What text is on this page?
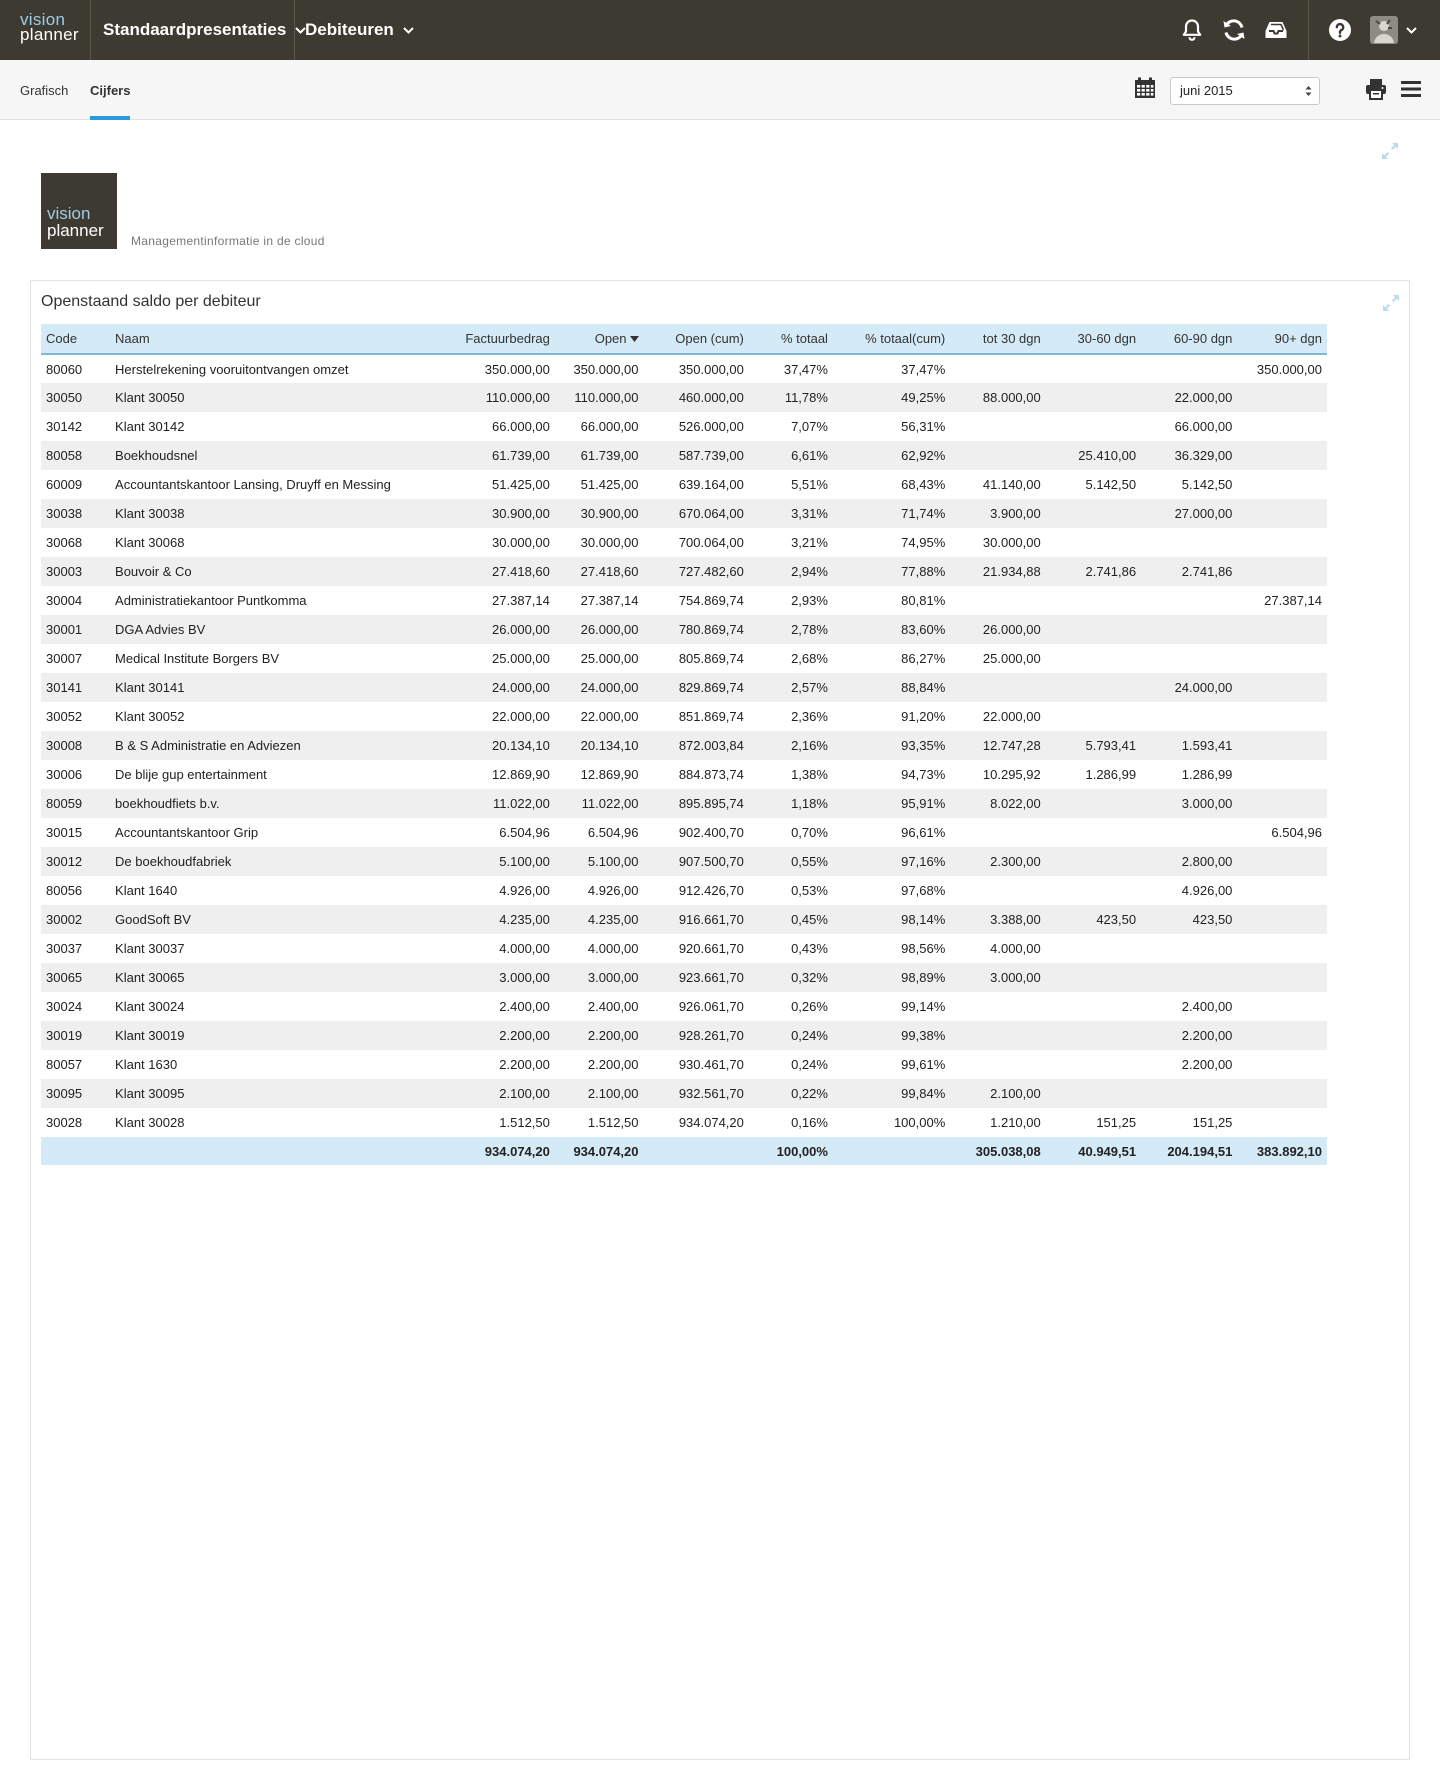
vision
planner	Standaardpresentaties Debiteuren
Grafisch Cijfers	juni 2015
vision
planner
Managementinformatie in de cloud
Openstaand saldo per debiteur
Code	Naam	Factuurbedrag	Open	Open (cum)	% totaal	% totaal(cum)	tot 30 dgn	30-60 dgn	60-90 dgn	90+ dgn
80060	Herstelrekening vooruitontvangen omzet	350.000,00	350.000,00	350.000,00	37,47%	37,47%				350.000,00
30050	Klant 30050	110.000,00	110.000,00	460.000,00	11,78%	49,25%	88.000,00		22.000,00	
30142	Klant 30142	66.000,00	66.000,00	526.000,00	7,07%	56,31%			66.000,00	
80058	Boekhoudsnel	61.739,00	61.739,00	587.739,00	6,61%	62,92%		25.410,00	36.329,00	
60009	Accountantskantoor Lansing, Druyff en Messing	51.425,00	51.425,00	639.164,00	5,51%	68,43%	41.140,00	5.142,50	5.142,50	
30038	Klant 30038	30.900,00	30.900,00	670.064,00	3,31%	71,74%	3.900,00		27.000,00	
30068	Klant 30068	30.000,00	30.000,00	700.064,00	3,21%	74,95%	30.000,00			
30003	Bouvoir & Co	27.418,60	27.418,60	727.482,60	2,94%	77,88%	21.934,88	2.741,86	2.741,86	
30004	Administratiekantoor Puntkomma	27.387,14	27.387,14	754.869,74	2,93%	80,81%				27.387,14
30001	DGA Advies BV	26.000,00	26.000,00	780.869,74	2,78%	83,60%	26.000,00			
30007	Medical Institute Borgers BV	25.000,00	25.000,00	805.869,74	2,68%	86,27%	25.000,00			
30141	Klant 30141	24.000,00	24.000,00	829.869,74	2,57%	88,84%			24.000,00	
30052	Klant 30052	22.000,00	22.000,00	851.869,74	2,36%	91,20%	22.000,00			
30008	B & S Administratie en Adviezen	20.134,10	20.134,10	872.003,84	2,16%	93,35%	12.747,28	5.793,41	1.593,41	
30006	De blije gup entertainment	12.869,90	12.869,90	884.873,74	1,38%	94,73%	10.295,92	1.286,99	1.286,99	
80059	boekhoudfiets b.v.	11.022,00	11.022,00	895.895,74	1,18%	95,91%	8.022,00		3.000,00	
30015	Accountantskantoor Grip	6.504,96	6.504,96	902.400,70	0,70%	96,61%				6.504,96
30012	De boekhoudfabriek	5.100,00	5.100,00	907.500,70	0,55%	97,16%	2.300,00		2.800,00	
80056	Klant 1640	4.926,00	4.926,00	912.426,70	0,53%	97,68%			4.926,00	
30002	GoodSoft BV	4.235,00	4.235,00	916.661,70	0,45%	98,14%	3.388,00	423,50	423,50	
30037	Klant 30037	4.000,00	4.000,00	920.661,70	0,43%	98,56%	4.000,00			
30065	Klant 30065	3.000,00	3.000,00	923.661,70	0,32%	98,89%	3.000,00			
30024	Klant 30024	2.400,00	2.400,00	926.061,70	0,26%	99,14%			2.400,00	
30019	Klant 30019	2.200,00	2.200,00	928.261,70	0,24%	99,38%			2.200,00	
80057	Klant 1630	2.200,00	2.200,00	930.461,70	0,24%	99,61%			2.200,00	
30095	Klant 30095	2.100,00	2.100,00	932.561,70	0,22%	99,84%	2.100,00			
30028	Klant 30028	1.512,50	1.512,50	934.074,20	0,16%	100,00%	1.210,00	151,25	151,25	
		934.074,20	934.074,20		100,00%		305.038,08	40.949,51	204.194,51	383.892,10
